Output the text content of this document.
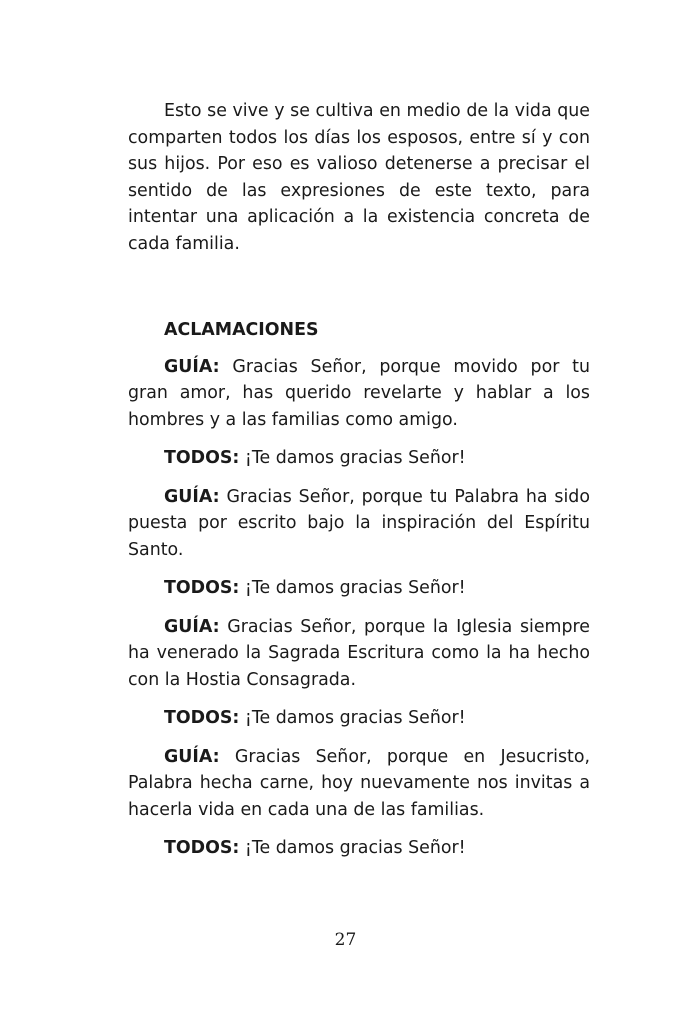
Esto se vive y se cultiva en medio de la vida que comparten todos los días los esposos, entre sí y con sus hijos. Por eso es valioso detenerse a precisar el sentido de las expresiones de este texto, para intentar una aplicación a la existencia concreta de cada familia.

ACLAMACIONES

GUÍA: Gracias Señor, porque movido por tu gran amor, has querido revelarte y hablar a los hombres y a las familias como amigo.

TODOS: ¡Te damos gracias Señor!

GUÍA: Gracias Señor, porque tu Palabra ha sido puesta por escrito bajo la inspiración del Espíritu Santo.

TODOS: ¡Te damos gracias Señor!

GUÍA: Gracias Señor, porque la Iglesia siempre ha venerado la Sagrada Escritura como la ha hecho con la Hostia Consagrada.

TODOS: ¡Te damos gracias Señor!

GUÍA: Gracias Señor, porque en Jesucristo, Palabra hecha carne, hoy nuevamente nos invitas a hacerla vida en cada una de las familias.

TODOS: ¡Te damos gracias Señor!

27
